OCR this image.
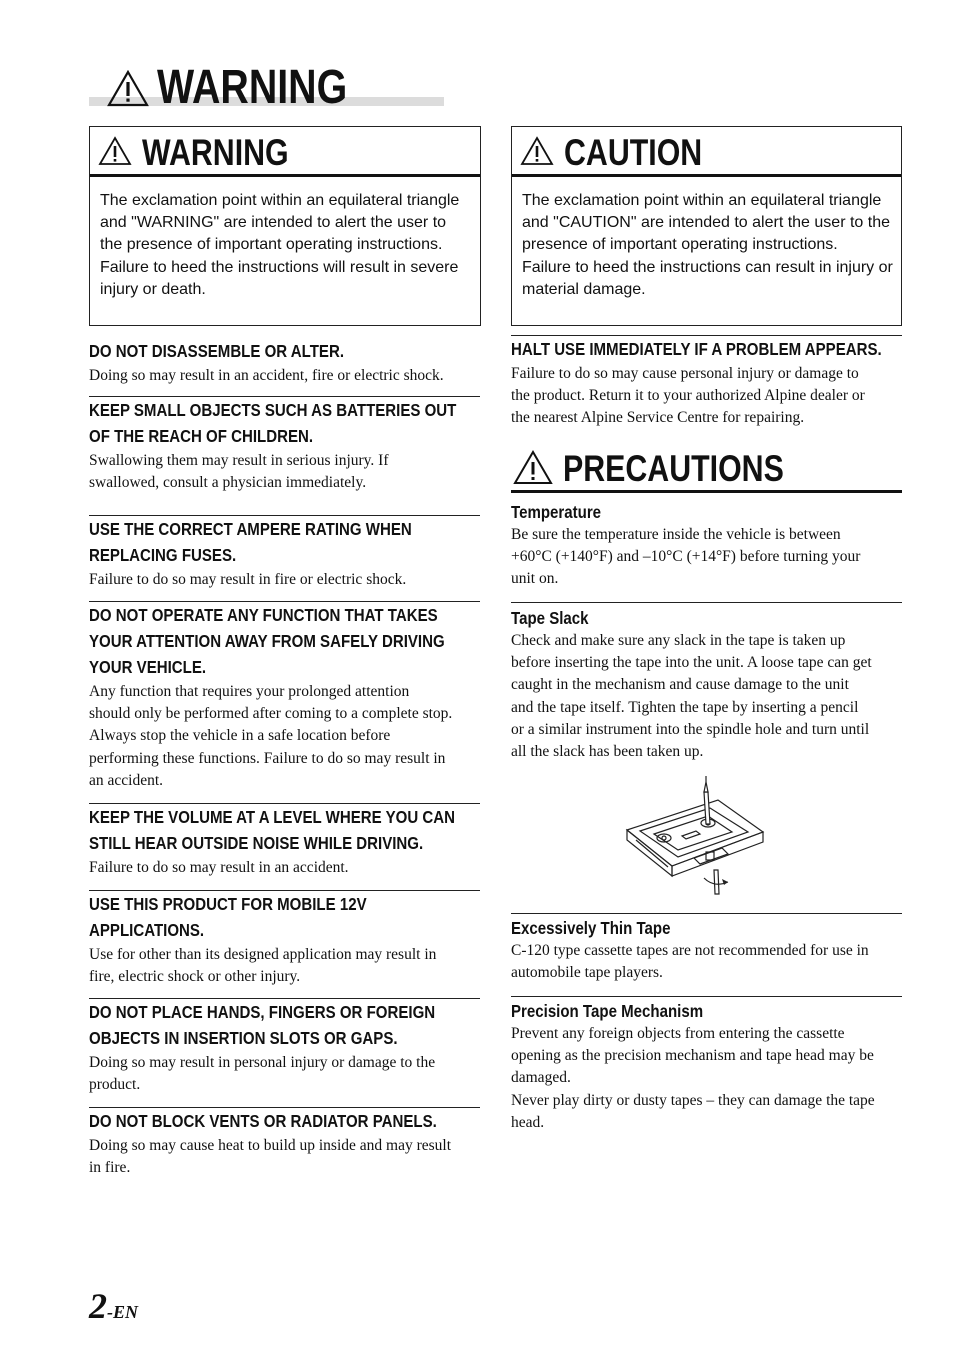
WARNING
WARNING

The exclamation point within an equilateral triangle and "WARNING" are intended to alert the user to the presence of important operating instructions.

Failure to heed the instructions will result in severe injury or death.

CAUTION

The exclamation point within an equilateral triangle and "CAUTION" are intended to alert the user to the presence of important operating instructions.

Failure to heed the instructions can result in injury or material damage.

DO NOT DISASSEMBLE OR ALTER.
Doing so may result in an accident, fire or electric shock.
KEEP SMALL OBJECTS SUCH AS BATTERIES OUT
OF THE REACH OF CHILDREN.
Swallowing them may result in serious injury. If
swallowed, consult a physician immediately.
USE THE CORRECT AMPERE RATING WHEN
REPLACING FUSES.
Failure to do so may result in fire or electric shock.
DO NOT OPERATE ANY FUNCTION THAT TAKES
YOUR ATTENTION AWAY FROM SAFELY DRIVING
YOUR VEHICLE.
Any function that requires your prolonged attention
should only be performed after coming to a complete stop.
Always stop the vehicle in a safe location before
performing these functions. Failure to do so may result in
an accident.
KEEP THE VOLUME AT A LEVEL WHERE YOU CAN
STILL HEAR OUTSIDE NOISE WHILE DRIVING.
Failure to do so may result in an accident.
USE THIS PRODUCT FOR MOBILE 12V
APPLICATIONS.
Use for other than its designed application may result in
fire, electric shock or other injury.
DO NOT PLACE HANDS, FINGERS OR FOREIGN
OBJECTS IN INSERTION SLOTS OR GAPS.
Doing so may result in personal injury or damage to the
product.
DO NOT BLOCK VENTS OR RADIATOR PANELS.
Doing so may cause heat to build up inside and may result
in fire.
HALT USE IMMEDIATELY IF A PROBLEM APPEARS.

Failure to do so may cause personal injury or damage to

the product. Return it to your authorized Alpine dealer or

the nearest Alpine Service Centre for repairing.

PRECAUTIONS
Temperature
Be sure the temperature inside the vehicle is between
+60°C (+140°F) and –10°C (+14°F) before turning your
unit on.
Tape Slack
Check and make sure any slack in the tape is taken up
before inserting the tape into the unit. A loose tape can get
caught in the mechanism and cause damage to the unit
and the tape itself. Tighten the tape by inserting a pencil
or a similar instrument into the spindle hole and turn until
all the slack has been taken up.
Excessively Thin Tape
C-120 type cassette tapes are not recommended for use in
automobile tape players.
Precision Tape Mechanism
Prevent any foreign objects from entering the cassette
opening as the precision mechanism and tape head may be
damaged.
Never play dirty or dusty tapes – they can damage the tape
head.
2-EN
